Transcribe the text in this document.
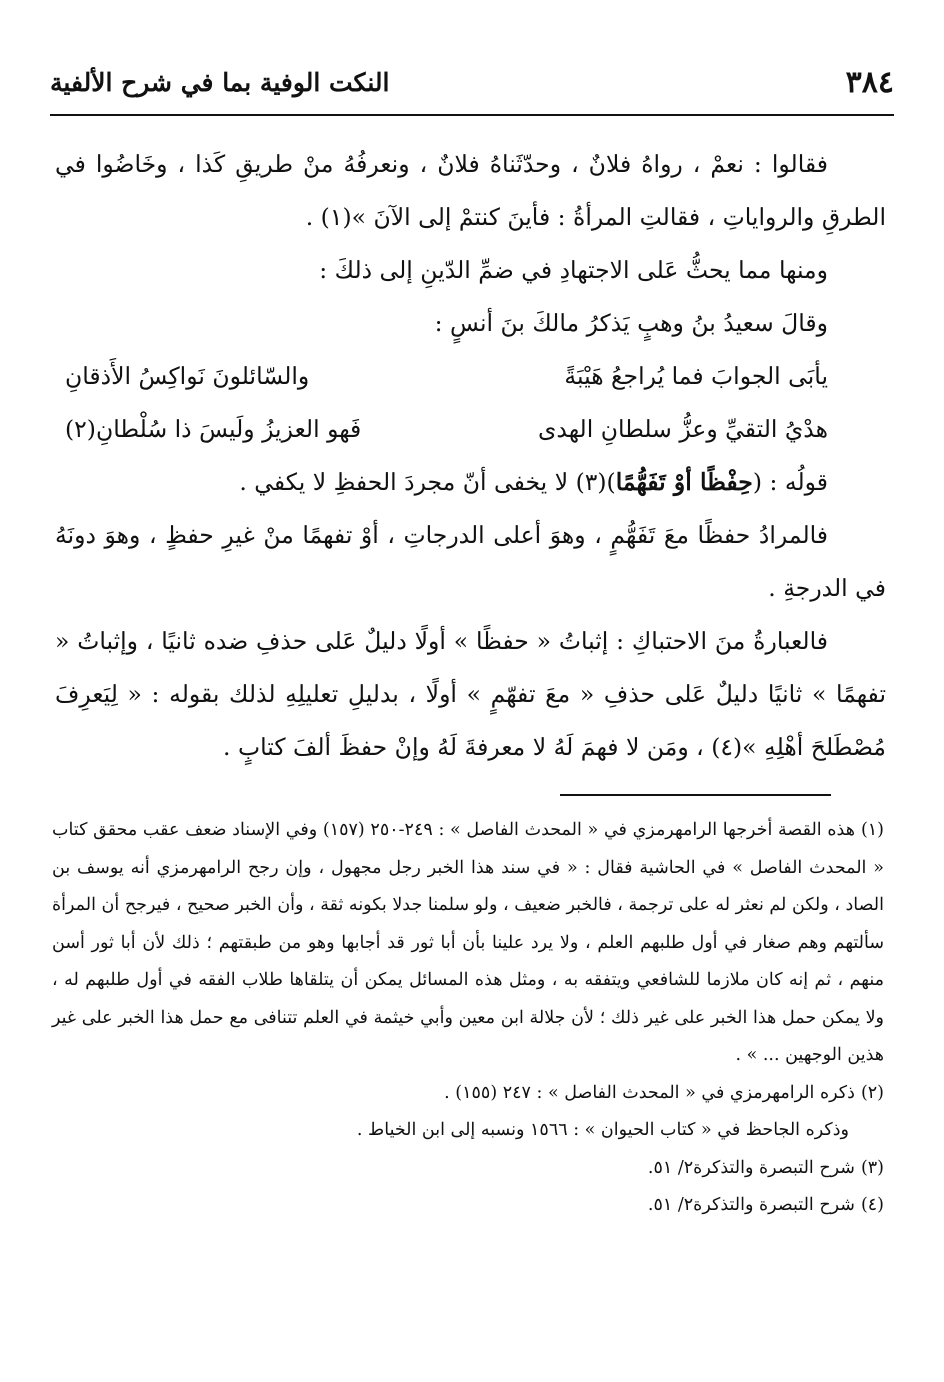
٣٨٤
النكت الوفية بما في شرح الألفية

فقالوا : نعمْ ، رواهُ فلانٌ ، وحدّثَناهُ فلانٌ ، ونعرفُهُ منْ طريقِ كَذا ، وخَاضُوا في الطرقِ والرواياتِ ، فقالتِ المرأةُ : فأينَ كنتمْ إلى الآنَ »(١) .

ومنها مما يحثُّ عَلى الاجتهادِ في ضمِّ الدّينِ إلى ذلكَ :

وقالَ سعيدُ بنُ وهبٍ يَذكرُ مالكَ بنَ أنسٍ :

يأبَى الجوابَ فما يُراجعُ هَيْبَةً
والسّائلونَ نَواكِسُ الأَذقانِ
هدْيُ التقيِّ وعزُّ سلطانِ الهدى
فَهو العزيزُ ولَيسَ ذا سُلْطانِ(٢)

قولُه : (حِفْظًا أوْ تَفَهُّمًا)(٣) لا يخفى أنّ مجردَ الحفظِ لا يكفي .

فالمرادُ حفظًا معَ تَفَهُّمٍ ، وهوَ أعلى الدرجاتِ ، أوْ تفهمًا منْ غيرِ حفظٍ ، وهوَ دونَهُ في الدرجةِ .

فالعبارةُ منَ الاحتباكِ : إثباتُ « حفظًا » أولًا دليلٌ عَلى حذفِ ضده ثانيًا ، وإثباتُ « تفهمًا » ثانيًا دليلٌ عَلى حذفِ « معَ تفهّمٍ » أولًا ، بدليلِ تعليلِهِ لذلك بقوله : « لِيَعرِفَ مُصْطَلحَ أهْلِهِ »(٤) ، ومَن لا فهمَ لَهُ لا معرفةَ لَهُ وإنْ حفظَ ألفَ كتابٍ .

(١)هذه القصة أخرجها الرامهرمزي في « المحدث الفاصل » : ٢٤٩-٢٥٠ (١٥٧) وفي الإسناد ضعف عقب محقق كتاب « المحدث الفاصل » في الحاشية فقال : « في سند هذا الخبر رجل مجهول ، وإن رجح الرامهرمزي أنه يوسف بن الصاد ، ولكن لم نعثر له على ترجمة ، فالخبر ضعيف ، ولو سلمنا جدلا بكونه ثقة ، وأن الخبر صحيح ، فيرجح أن المرأة سألتهم وهم صغار في أول طلبهم العلم ، ولا يرد علينا بأن أبا ثور قد أجابها وهو من طبقتهم ؛ ذلك لأن أبا ثور أسن منهم ، ثم إنه كان ملازما للشافعي ويتفقه به ، ومثل هذه المسائل يمكن أن يتلقاها طلاب الفقه في أول طلبهم له ، ولا يمكن حمل هذا الخبر على غير ذلك ؛ لأن جلالة ابن معين وأبي خيثمة في العلم تتنافى مع حمل هذا الخبر على غير هذين الوجهين ... » .

(٢)ذكره الرامهرمزي في « المحدث الفاصل » : ٢٤٧ (١٥٥) .

وذكره الجاحظ في « كتاب الحيوان » : ١٥٦٦ ونسبه إلى ابن الخياط .

(٣)شرح التبصرة والتذكرة٢/ ٥١.

(٤)شرح التبصرة والتذكرة٢/ ٥١.
